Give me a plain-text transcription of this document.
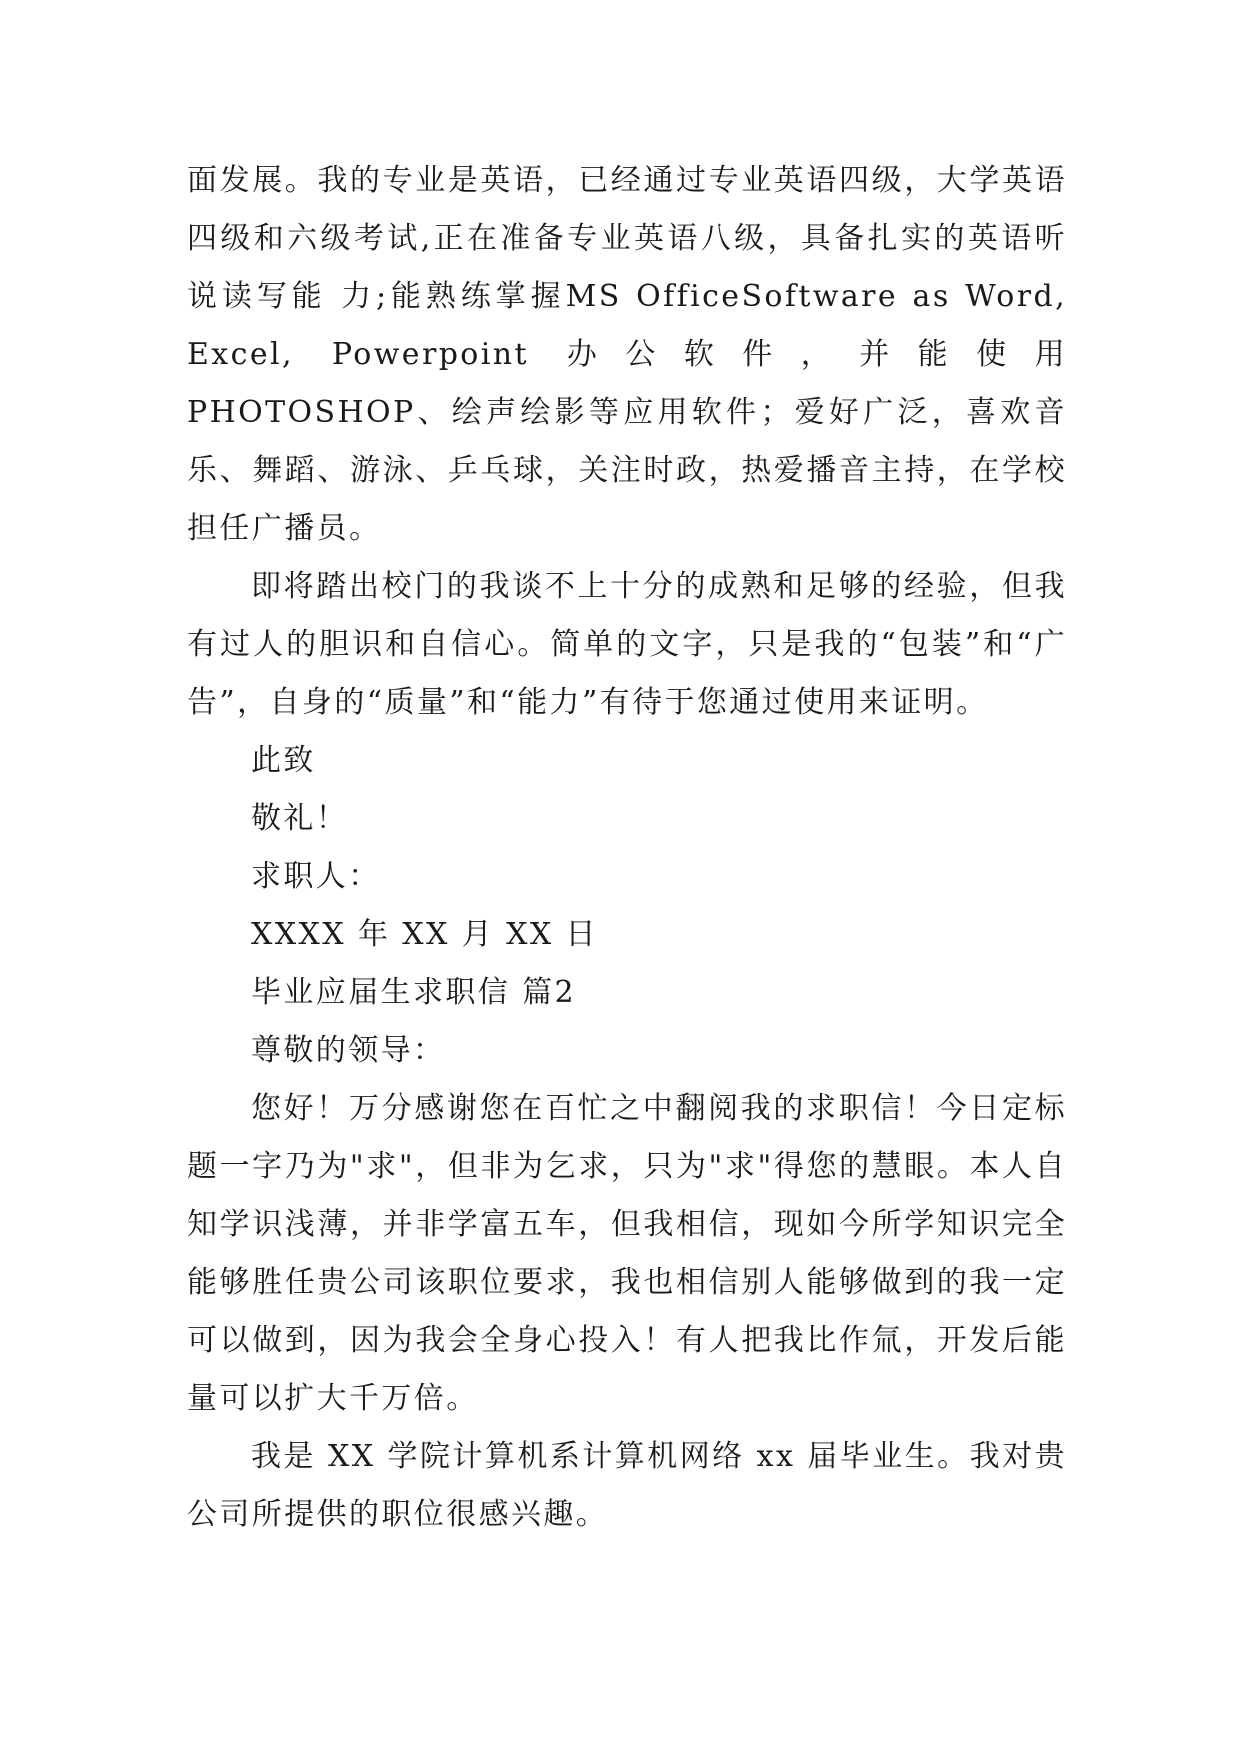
面发展。我的专业是英语，已经通过专业英语四级，大学英语四级和六级考试,正在准备专业英语八级，具备扎实的英语听说读写能 力;能熟练掌握MS OfficeSoftware as Word, Excel, Powerpoint 办公软件，并能使用 PHOTOSHOP、绘声绘影等应用软件；爱好广泛，喜欢音乐、舞蹈、游泳、乒乓球，关注时政，热爱播音主持，在学校担任广播员。

即将踏出校门的我谈不上十分的成熟和足够的经验，但我有过人的胆识和自信心。简单的文字，只是我的“包装”和“广告”，自身的“质量”和“能力”有待于您通过使用来证明。

此致

敬礼！

求职人：

XXXX 年 XX 月 XX 日

毕业应届生求职信 篇2

尊敬的领导：

您好！万分感谢您在百忙之中翻阅我的求职信！今日定标题一字乃为"求"，但非为乞求，只为"求"得您的慧眼。本人自知学识浅薄，并非学富五车，但我相信，现如今所学知识完全能够胜任贵公司该职位要求，我也相信别人能够做到的我一定可以做到，因为我会全身心投入！有人把我比作氚，开发后能量可以扩大千万倍。

我是 XX 学院计算机系计算机网络 xx 届毕业生。我对贵公司所提供的职位很感兴趣。
